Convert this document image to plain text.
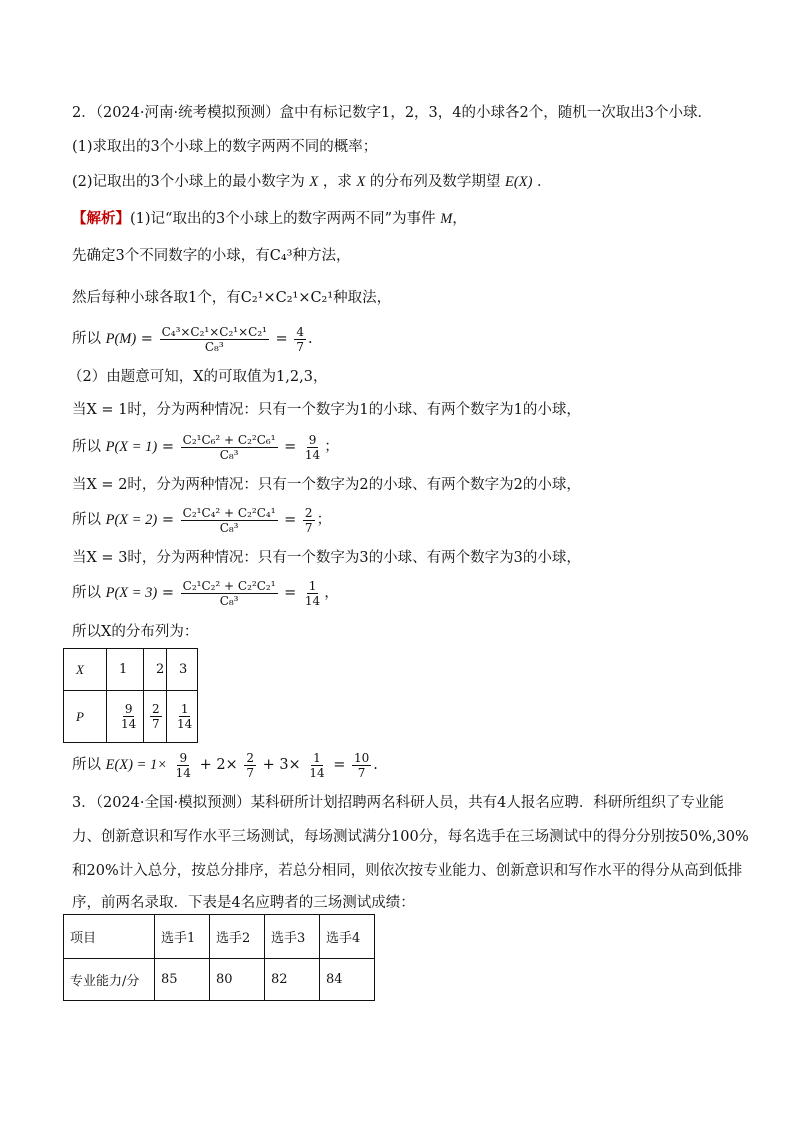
2．（2024·河南·统考模拟预测）盒中有标记数字1，2，3，4的小球各2个，随机一次取出3个小球．
(1)求取出的3个小球上的数字两两不同的概率；
(2)记取出的3个小球上的最小数字为 X ，求 X 的分布列及数学期望 E(X) ．
【解析】(1)记“取出的3个小球上的数字两两不同”为事件 M，
先确定3个不同数字的小球，有C₄³种方法，
然后每种小球各取1个，有C₂¹×C₂¹×C₂¹种取法，
所以 $P(M) = \frac{\text{C₄³×C₂¹×C₂¹×C₂¹}}{\text{C₈³}} = \frac{4}{7}$ .
（2）由题意可知，X的可取值为1,2,3，
当X = 1时，分为两种情况：只有一个数字为1的小球、有两个数字为1的小球，
所以 $P(X = 1) = \frac{\text{C₂¹C₆² + C₂²C₆¹}}{\text{C₈³}} = \frac{9}{14}$ ；
当X = 2时，分为两种情况：只有一个数字为2的小球、有两个数字为2的小球，
所以 $P(X = 2) = \frac{\text{C₂¹C₄² + C₂²C₄¹}}{\text{C₈³}} = \frac{2}{7}$ ；
当X = 3时，分为两种情况：只有一个数字为3的小球、有两个数字为3的小球，
所以 $P(X = 3) = \frac{\text{C₂¹C₂² + C₂²C₂¹}}{\text{C₈³}} = \frac{1}{14}$ ，
所以X的分布列为：
X	1	2	3
P	$\frac{9}{14}$	$\frac{2}{7}$	$\frac{1}{14}$
所以 $E(X) = 1\times \frac{9}{14} + 2\times \frac{2}{7} + 3\times \frac{1}{14} = \frac{10}{7}$ .
3．（2024·全国·模拟预测）某科研所计划招聘两名科研人员，共有4人报名应聘．科研所组织了专业能
力、创新意识和写作水平三场测试，每场测试满分100分，每名选手在三场测试中的得分分别按50%,30%
和20%计入总分，按总分排序，若总分相同，则依次按专业能力、创新意识和写作水平的得分从高到低排
序，前两名录取．下表是4名应聘者的三场测试成绩：
项目	选手1	选手2	选手3	选手4
专业能力/分	85	80	82	84
